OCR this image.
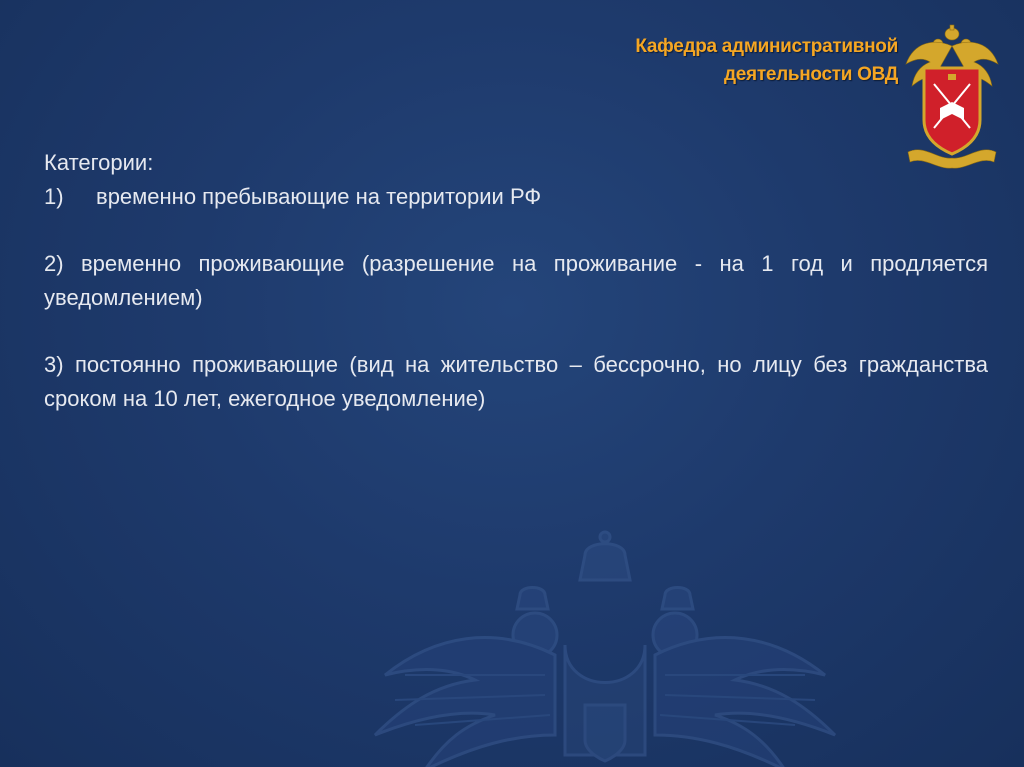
Кафедра административной
деятельности ОВД

Категории:

1)	временно пребывающие на территории РФ

2) временно проживающие (разрешение на проживание - на 1 год и продляется уведомлением)

3) постоянно проживающие (вид на жительство – бессрочно, но лицу без гражданства сроком на 10 лет, ежегодное уведомление)
